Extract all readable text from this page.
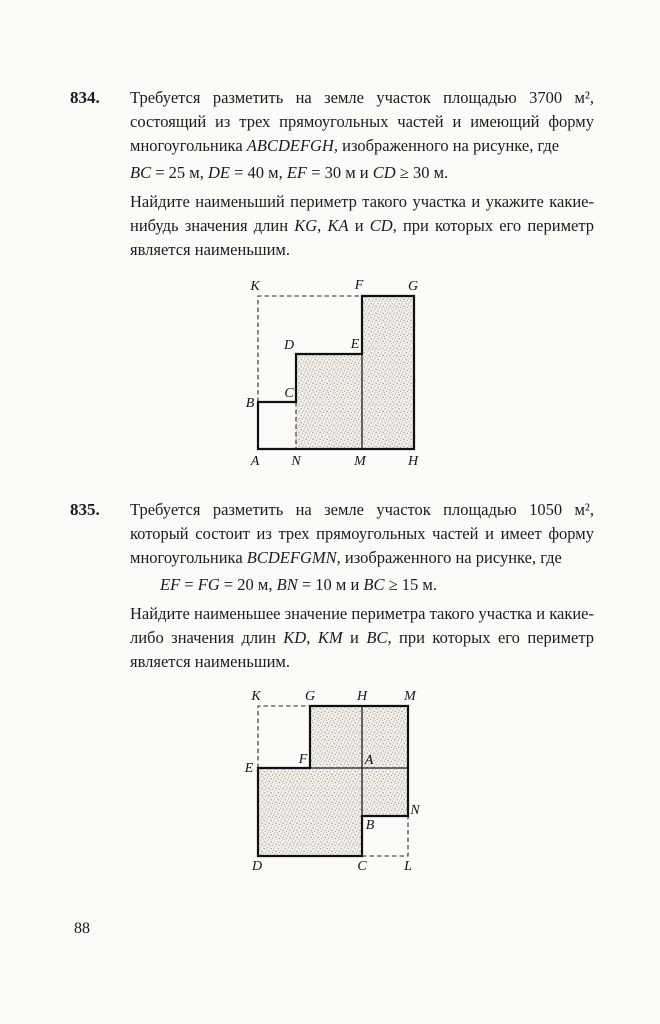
834.	Требуется разметить на земле участок площадью 3700 м², состоящий из трех прямоугольных частей и имеющий форму многоугольника ABCDEFGH, изображенного на рисунке, где

BC = 25 м, DE = 40 м, EF = 30 м и CD ≥ 30 м.

Найдите наименьший периметр такого участка и укажите какие-нибудь значения длин KG, KA и CD, при которых его периметр является наименьшим.

K	F	G
D	E
B
C
A N	M	H
835.	Требуется разметить на земле участок площадью 1050 м², который состоит из трех прямоугольных частей и имеет форму многоугольника BCDEFGMN, изображенного на рисунке, где

EF = FG = 20 м, BN = 10 м и BC ≥ 15 м.

Найдите наименьшее значение периметра такого участка и какие-либо значения длин KD, KM и BC, при которых его периметр является наименьшим.

K	G	H	M
E
F	A
B
N
D	C	L
88
